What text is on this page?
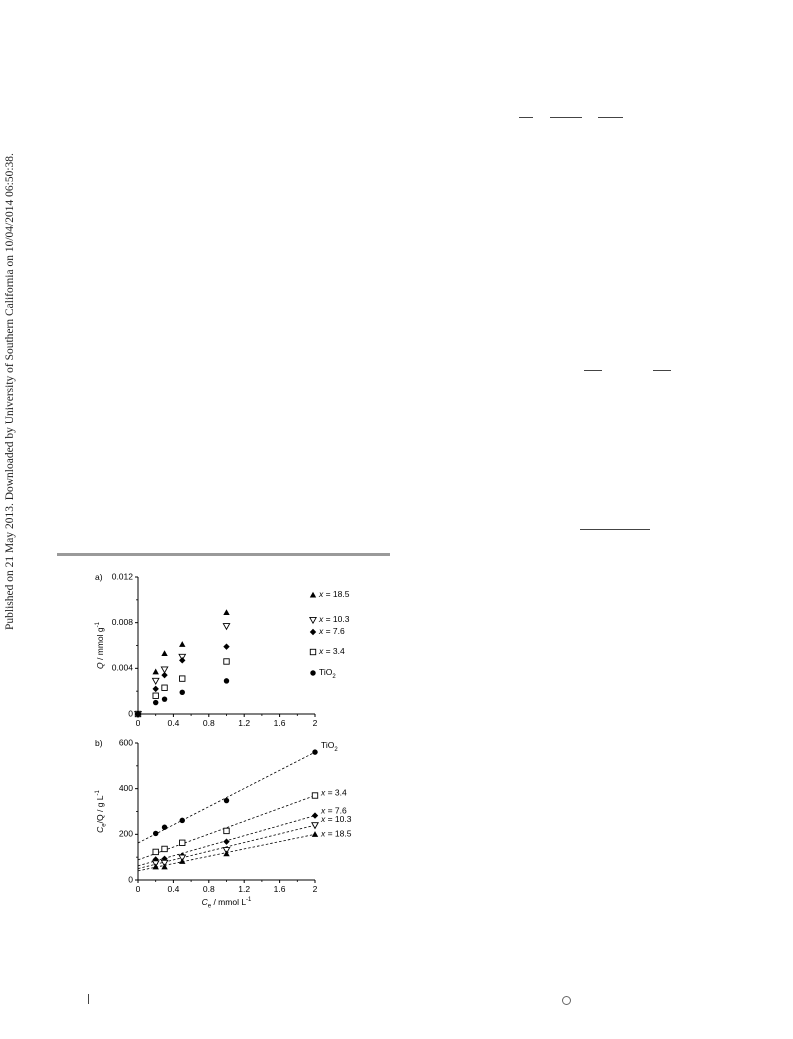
Published on 21 May 2013. Downloaded by University of Southern California on 10/04/2014 06:50:38.
0	0.4	0.8	1.2	1.6	2
0
0.004
0.008
0.012
a)
Q / mmol $g^{-1}$
x = 18.5
x = 10.3
x = 7.6
x = 3.4
TiO$_2$
0	0.4	0.8	1.2	1.6	2
0
200
400
600
b)
$C_e/Q$ / g $L^{-1}$
$C_e$ / mmol $L^{-1}$
TiO$_2$
x = 3.4
x = 7.6
x = 10.3
x = 18.5
